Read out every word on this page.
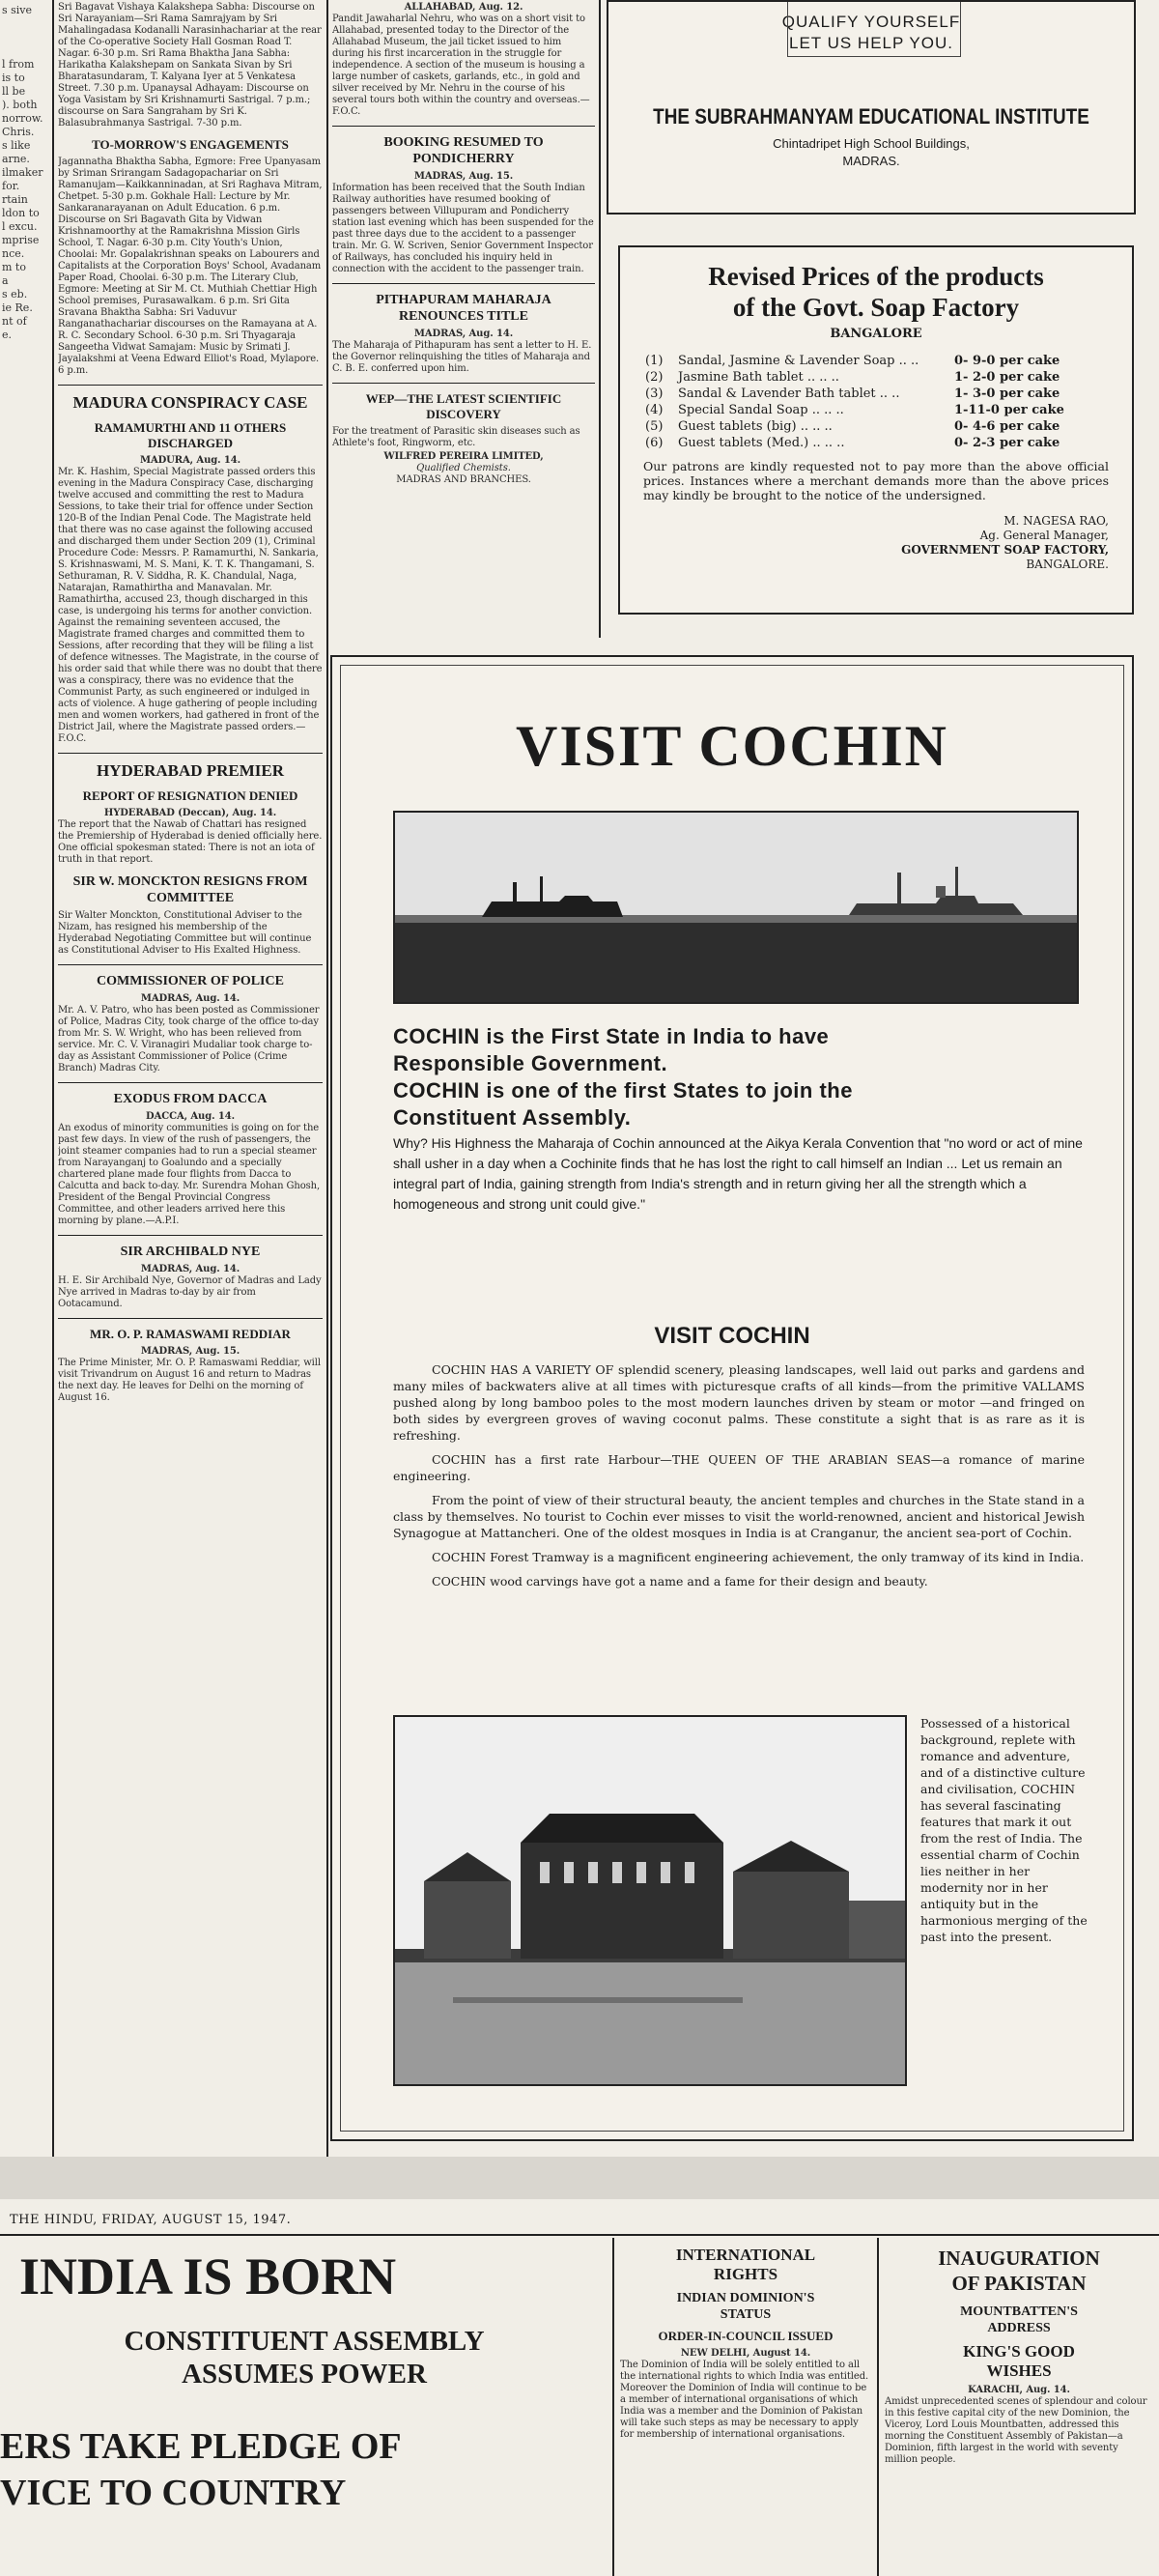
s sive
l from
is to
ll be
). both
norrow.
Chris.
s like
arne.
ilmaker
for.
rtain
ldon to
l excu.
mprise
nce.
m to
a
s eb.
ie Re.
nt of
e.
Sri Bagavat Vishaya Kalakshepa Sabha: Discourse on Sri Narayaniam—Sri Rama Samrajyam by Sri Mahalingadasa Kodanalli Narasinhachariar at the rear of the Co-operative Society Hall Gosman Road T. Nagar. 6-30 p.m. Sri Rama Bhaktha Jana Sabha: Harikatha Kalakshepam on Sankata Sivan by Sri Bharatasundaram, T. Kalyana Iyer at 5 Venkatesa Street. 7.30 p.m. Upanaysal Adhayam: Discourse on Yoga Vasistam by Sri Krishnamurti Sastrigal. 7 p.m.; discourse on Sara Sangraham by Sri K. Balasubrahmanya Sastrigal. 7-30 p.m.
TO-MORROW'S ENGAGEMENTS
Jagannatha Bhaktha Sabha, Egmore: Free Upanyasam by Sriman Srirangam Sadagopachariar on Sri Ramanujam—Kaikkanninadan, at Sri Raghava Mitram, Chetpet. 5-30 p.m. Gokhale Hall: Lecture by Mr. Sankaranarayanan on Adult Education. 6 p.m. Discourse on Sri Bagavath Gita by Vidwan Krishnamoorthy at the Ramakrishna Mission Girls School, T. Nagar. 6-30 p.m. City Youth's Union, Choolai: Mr. Gopalakrishnan speaks on Labourers and Capitalists at the Corporation Boys' School, Avadanam Paper Road, Choolai. 6-30 p.m. The Literary Club, Egmore: Meeting at Sir M. Ct. Muthiah Chettiar High School premises, Purasawalkam. 6 p.m. Sri Gita Sravana Bhaktha Sabha: Sri Vaduvur Ranganathachariar discourses on the Ramayana at A. R. C. Secondary School. 6-30 p.m. Sri Thyagaraja Sangeetha Vidwat Samajam: Music by Srimati J. Jayalakshmi at Veena Edward Elliot's Road, Mylapore. 6 p.m.
MADURA CONSPIRACY CASE
RAMAMURTHI AND 11 OTHERS DISCHARGED
MADURA, Aug. 14.
Mr. K. Hashim, Special Magistrate passed orders this evening in the Madura Conspiracy Case, discharging twelve accused and committing the rest to Madura Sessions, to take their trial for offence under Section 120-B of the Indian Penal Code. The Magistrate held that there was no case against the following accused and discharged them under Section 209 (1), Criminal Procedure Code: Messrs. P. Ramamurthi, N. Sankaria, S. Krishnaswami, M. S. Mani, K. T. K. Thangamani, S. Sethuraman, R. V. Siddha, R. K. Chandulal, Naga, Natarajan, Ramathirtha and Manavalan. Mr. Ramathirtha, accused 23, though discharged in this case, is undergoing his terms for another conviction. Against the remaining seventeen accused, the Magistrate framed charges and committed them to Sessions, after recording that they will be filing a list of defence witnesses. The Magistrate, in the course of his order said that while there was no doubt that there was a conspiracy, there was no evidence that the Communist Party, as such engineered or indulged in acts of violence. A huge gathering of people including men and women workers, had gathered in front of the District Jail, where the Magistrate passed orders.—F.O.C.
HYDERABAD PREMIER
REPORT OF RESIGNATION DENIED
HYDERABAD (Deccan), Aug. 14.
The report that the Nawab of Chattari has resigned the Premiership of Hyderabad is denied officially here. One official spokesman stated: There is not an iota of truth in that report.
SIR W. MONCKTON RESIGNS FROM COMMITTEE
Sir Walter Monckton, Constitutional Adviser to the Nizam, has resigned his membership of the Hyderabad Negotiating Committee but will continue as Constitutional Adviser to His Exalted Highness.
COMMISSIONER OF POLICE
MADRAS, Aug. 14.
Mr. A. V. Patro, who has been posted as Commissioner of Police, Madras City, took charge of the office to-day from Mr. S. W. Wright, who has been relieved from service. Mr. C. V. Viranagiri Mudaliar took charge to-day as Assistant Commissioner of Police (Crime Branch) Madras City.
EXODUS FROM DACCA
DACCA, Aug. 14.
An exodus of minority communities is going on for the past few days. In view of the rush of passengers, the joint steamer companies had to run a special steamer from Narayanganj to Goalundo and a specially chartered plane made four flights from Dacca to Calcutta and back to-day. Mr. Surendra Mohan Ghosh, President of the Bengal Provincial Congress Committee, and other leaders arrived here this morning by plane.—A.P.I.
SIR ARCHIBALD NYE
MADRAS, Aug. 14.
H. E. Sir Archibald Nye, Governor of Madras and Lady Nye arrived in Madras to-day by air from Ootacamund.
MR. O. P. RAMASWAMI REDDIAR
MADRAS, Aug. 15.
The Prime Minister, Mr. O. P. Ramaswami Reddiar, will visit Trivandrum on August 16 and return to Madras the next day. He leaves for Delhi on the morning of August 16.
ALLAHABAD, Aug. 12.
Pandit Jawaharlal Nehru, who was on a short visit to Allahabad, presented today to the Director of the Allahabad Museum, the jail ticket issued to him during his first incarceration in the struggle for independence. A section of the museum is housing a large number of caskets, garlands, etc., in gold and silver received by Mr. Nehru in the course of his several tours both within the country and overseas.—F.O.C.
BOOKING RESUMED TO PONDICHERRY
MADRAS, Aug. 15.
Information has been received that the South Indian Railway authorities have resumed booking of passengers between Villupuram and Pondicherry station last evening which has been suspended for the past three days due to the accident to a passenger train. Mr. G. W. Scriven, Senior Government Inspector of Railways, has concluded his inquiry held in connection with the accident to the passenger train.
PITHAPURAM MAHARAJA RENOUNCES TITLE
MADRAS, Aug. 14.
The Maharaja of Pithapuram has sent a letter to H. E. the Governor relinquishing the titles of Maharaja and C. B. E. conferred upon him.
WEP—THE LATEST SCIENTIFIC DISCOVERY
For the treatment of Parasitic skin diseases such as Athlete's foot, Ringworm, etc.
WILFRED PEREIRA LIMITED,
Qualified Chemists.
MADRAS AND BRANCHES.
QUALIFY YOURSELF
LET US HELP YOU.
THE SUBRAHMANYAM EDUCATIONAL INSTITUTE
Chintadripet High School Buildings,
MADRAS.
Revised Prices of the products
of the Govt. Soap Factory
BANGALORE
(1)	Sandal, Jasmine & Lavender Soap .. ..	0- 9-0 per cake
(2)	Jasmine Bath tablet .. .. ..	1- 2-0 per cake
(3)	Sandal & Lavender Bath tablet .. ..	1- 3-0 per cake
(4)	Special Sandal Soap .. .. ..	1-11-0 per cake
(5)	Guest tablets (big) .. .. ..	0- 4-6 per cake
(6)	Guest tablets (Med.) .. .. ..	0- 2-3 per cake
Our patrons are kindly requested not to pay more than the above official prices. Instances where a merchant demands more than the above prices may kindly be brought to the notice of the undersigned.
M. NAGESA RAO,
Ag. General Manager,
GOVERNMENT SOAP FACTORY,
BANGALORE.
VISIT COCHIN
COCHIN is the First State in India to have
Responsible Government.
COCHIN is one of the first States to join the
Constituent Assembly.
Why? His Highness the Maharaja of Cochin announced at the Aikya Kerala Convention that "no word or act of mine shall usher in a day when a Cochinite finds that he has lost the right to call himself an Indian ... Let us remain an integral part of India, gaining strength from India's strength and in return giving her all the strength which a homogeneous and strong unit could give."
VISIT COCHIN

COCHIN HAS A VARIETY OF splendid scenery, pleasing landscapes, well laid out parks and gardens and many miles of backwaters alive at all times with picturesque crafts of all kinds—from the primitive VALLAMS pushed along by long bamboo poles to the most modern launches driven by steam or motor —and fringed on both sides by evergreen groves of waving coconut palms. These constitute a sight that is as rare as it is refreshing.

COCHIN has a first rate Harbour—THE QUEEN OF THE ARABIAN SEAS—a romance of marine engineering.

From the point of view of their structural beauty, the ancient temples and churches in the State stand in a class by themselves. No tourist to Cochin ever misses to visit the world-renowned, ancient and historical Jewish Synagogue at Mattancheri. One of the oldest mosques in India is at Cranganur, the ancient sea-port of Cochin.

COCHIN Forest Tramway is a magnificent engineering achievement, the only tramway of its kind in India.

COCHIN wood carvings have got a name and a fame for their design and beauty.

Possessed of a historical background, replete with romance and adventure, and of a distinctive culture and civilisation, COCHIN has several fascinating features that mark it out from the rest of India. The essential charm of Cochin lies neither in her modernity nor in her antiquity but in the harmonious merging of the past into the present.
THE HINDU, FRIDAY, AUGUST 15, 1947.
INDIA IS BORN
CONSTITUENT ASSEMBLY
ASSUMES POWER
ERS TAKE PLEDGE OF
VICE TO COUNTRY
INTERNATIONAL
RIGHTS
INDIAN DOMINION'S
STATUS
ORDER-IN-COUNCIL ISSUED
NEW DELHI, August 14.
The Dominion of India will be solely entitled to all the international rights to which India was entitled. Moreover the Dominion of India will continue to be a member of international organisations of which India was a member and the Dominion of Pakistan will take such steps as may be necessary to apply for membership of international organisations.
INAUGURATION
OF PAKISTAN
MOUNTBATTEN'S
ADDRESS
KING'S GOOD
WISHES
KARACHI, Aug. 14.
Amidst unprecedented scenes of splendour and colour in this festive capital city of the new Dominion, the Viceroy, Lord Louis Mountbatten, addressed this morning the Constituent Assembly of Pakistan—a Dominion, fifth largest in the world with seventy million people.
